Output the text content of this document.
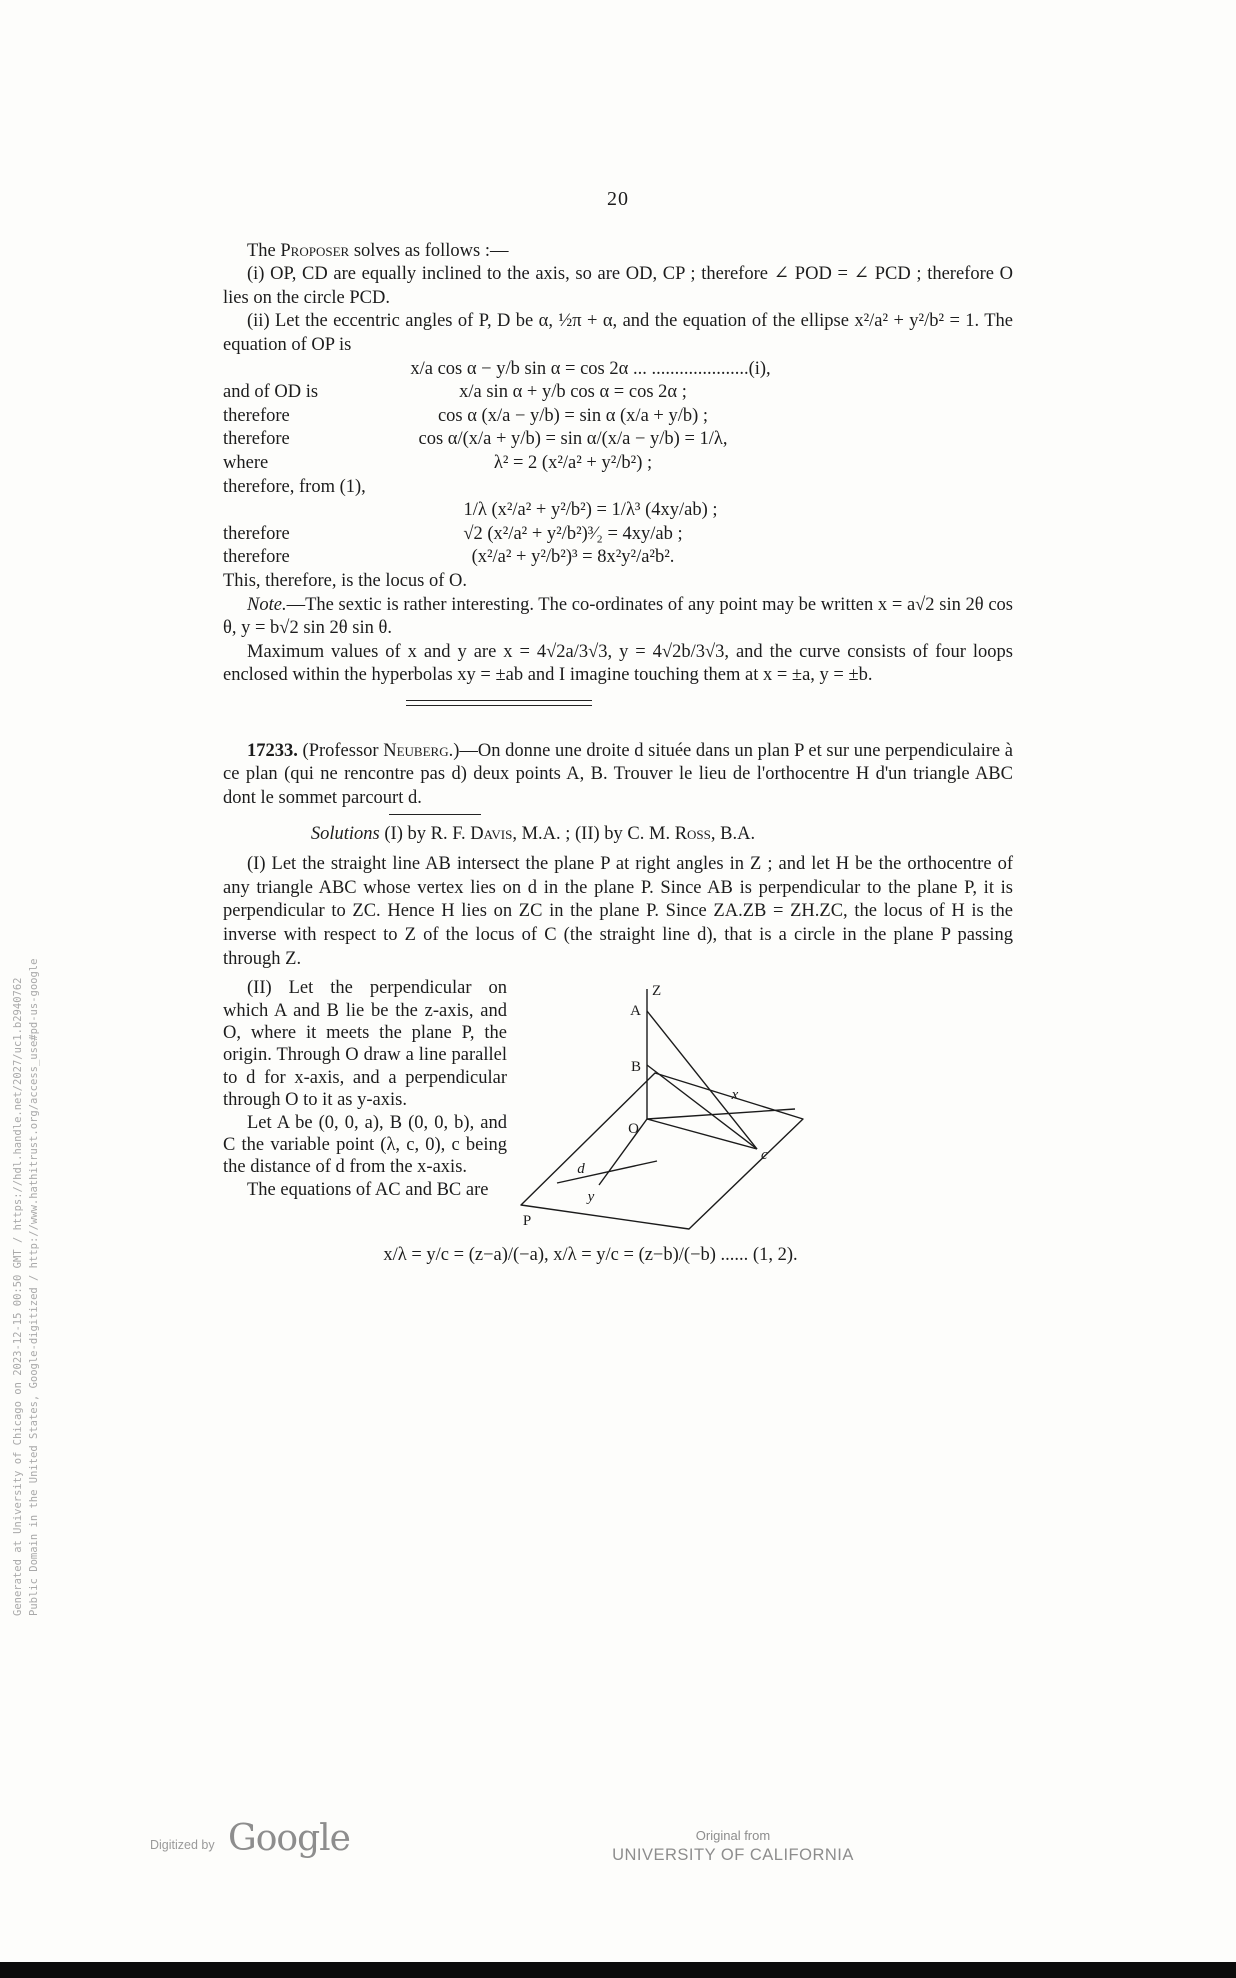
Generated at University of Chicago on 2023-12-15 00:50 GMT / https://hdl.handle.net/2027/uc1.b2940762 Public Domain in the United States, Google-digitized / http://www.hathitrust.org/access_use#pd-us-google
20

The Proposer solves as follows :—

(i) OP, CD are equally inclined to the axis, so are OD, CP ; therefore ∠ POD = ∠ PCD ; therefore O lies on the circle PCD.

(ii) Let the eccentric angles of P, D be α, ½π + α, and the equation of the ellipse x²/a² + y²/b² = 1. The equation of OP is

x/a cos α − y/b sin α = cos 2α ... .....................(i),
and of OD is	x/a sin α + y/b cos α = cos 2α ;
therefore	cos α (x/a − y/b) = sin α (x/a + y/b) ;
therefore	cos α/(x/a + y/b) = sin α/(x/a − y/b) = 1/λ,
where	λ² = 2 (x²/a² + y²/b²) ;

therefore, from (1),

1/λ (x²/a² + y²/b²) = 1/λ³ (4xy/ab) ;
therefore	√2 (x²/a² + y²/b²)³⁄₂ = 4xy/ab ;
therefore	(x²/a² + y²/b²)³ = 8x²y²/a²b².

This, therefore, is the locus of O.

Note.—The sextic is rather interesting. The co-ordinates of any point may be written x = a√2 sin 2θ cos θ, y = b√2 sin 2θ sin θ.

Maximum values of x and y are x = 4√2a/3√3, y = 4√2b/3√3, and the curve consists of four loops enclosed within the hyperbolas xy = ±ab and I imagine touching them at x = ±a, y = ±b.

17233. (Professor Neuberg.)—On donne une droite d située dans un plan P et sur une perpendiculaire à ce plan (qui ne rencontre pas d) deux points A, B. Trouver le lieu de l'orthocentre H d'un triangle ABC dont le sommet parcourt d.

Solutions (I) by R. F. Davis, M.A. ; (II) by C. M. Ross, B.A.

(I) Let the straight line AB intersect the plane P at right angles in Z ; and let H be the orthocentre of any triangle ABC whose vertex lies on d in the plane P. Since AB is perpendicular to the plane P, it is perpendicular to ZC. Hence H lies on ZC in the plane P. Since ZA.ZB = ZH.ZC, the locus of H is the inverse with respect to Z of the locus of C (the straight line d), that is a circle in the plane P passing through Z.

(II) Let the perpendicular on which A and B lie be the z-axis, and O, where it meets the plane P, the origin. Through O draw a line parallel to d for x-axis, and a perpendicular through O to it as y-axis.

Let A be (0, 0, a), B (0, 0, b), and C the variable point (λ, c, 0), c being the distance of d from the x-axis.

The equations of AC and BC are

Z
A
B
O
x
c
d
y
P
x/λ = y/c = (z−a)/(−a), x/λ = y/c = (z−b)/(−b) ...... (1, 2).
Digitized by Google	Original from
UNIVERSITY OF CALIFORNIA
